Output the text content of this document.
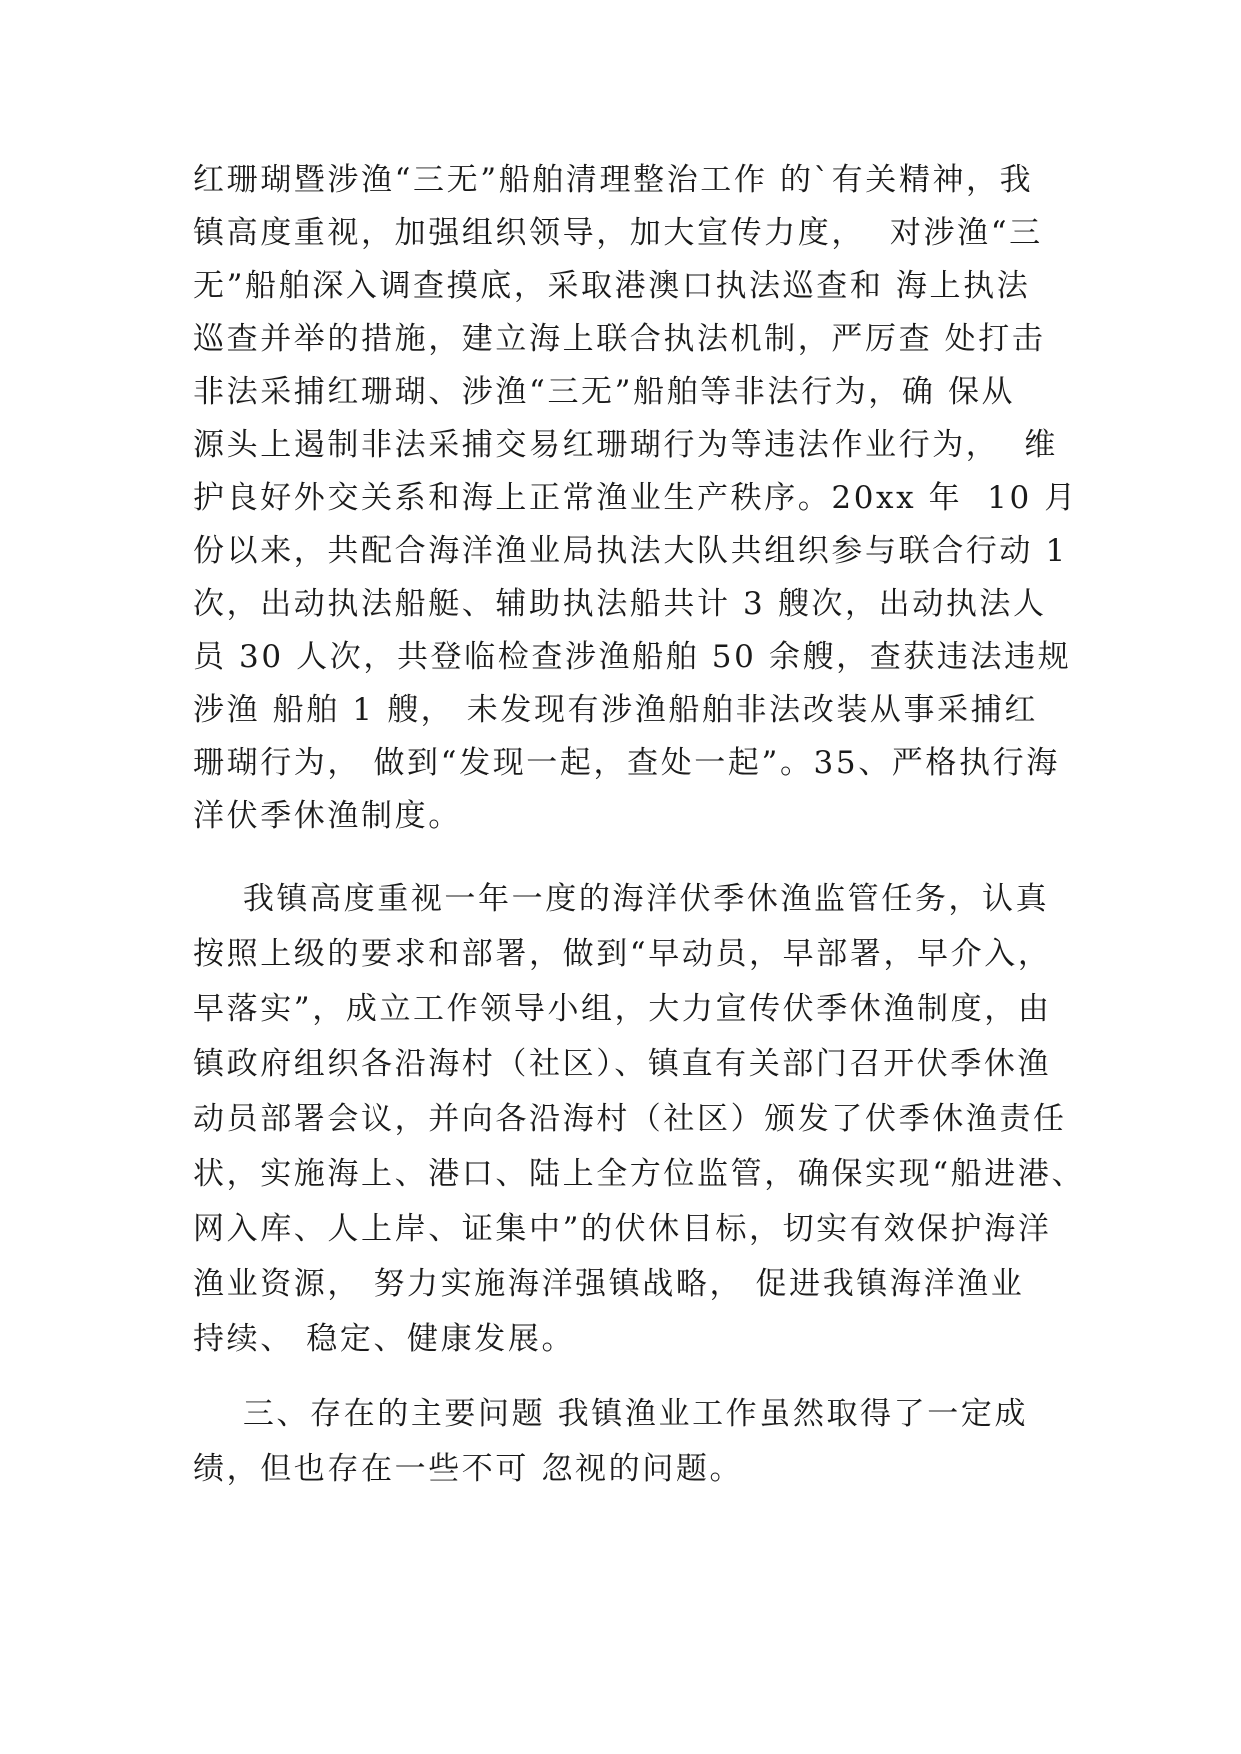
红珊瑚暨涉渔“三无”船舶清理整治工作 的`有关精神，我
镇高度重视，加强组织领导，加大宣传力度，  对涉渔“三
无”船舶深入调查摸底，采取港澳口执法巡查和 海上执法
巡查并举的措施，建立海上联合执法机制，严厉查 处打击
非法采捕红珊瑚、涉渔“三无”船舶等非法行为，确 保从
源头上遏制非法采捕交易红珊瑚行为等违法作业行为，  维
护良好外交关系和海上正常渔业生产秩序。20xx 年  10 月
份以来，共配合海洋渔业局执法大队共组织参与联合行动 1
次，出动执法船艇、辅助执法船共计 3 艘次，出动执法人
员 30 人次，共登临检查涉渔船舶 50 余艘，查获违法违规
涉渔 船舶 1 艘， 未发现有涉渔船舶非法改装从事采捕红
珊瑚行为， 做到“发现一起，查处一起”。35、严格执行海
洋伏季休渔制度。
我镇高度重视一年一度的海洋伏季休渔监管任务，认真
按照上级的要求和部署，做到“早动员，早部署，早介入，
早落实”，成立工作领导小组，大力宣传伏季休渔制度，由
镇政府组织各沿海村（社区）、镇直有关部门召开伏季休渔
动员部署会议，并向各沿海村（社区）颁发了伏季休渔责任
状，实施海上、港口、陆上全方位监管，确保实现“船进港、
网入库、人上岸、证集中”的伏休目标，切实有效保护海洋
渔业资源， 努力实施海洋强镇战略， 促进我镇海洋渔业
持续、 稳定、健康发展。
三、存在的主要问题 我镇渔业工作虽然取得了一定成
绩，但也存在一些不可 忽视的问题。
